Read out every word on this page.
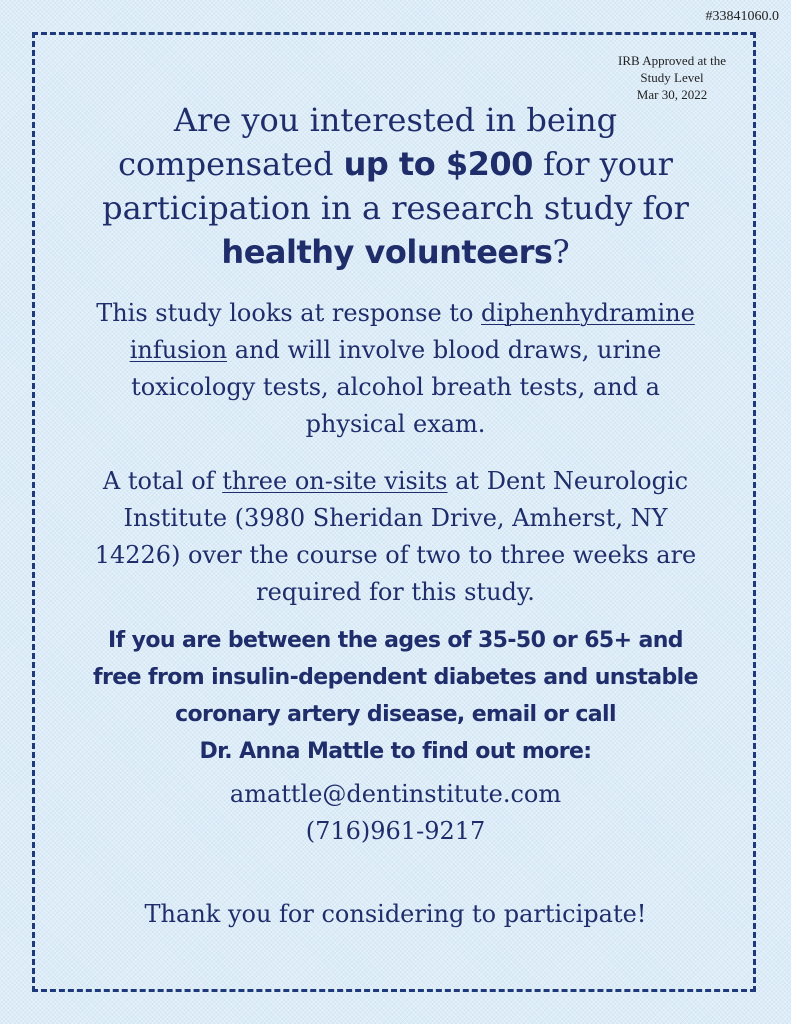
#33841060.0
IRB Approved at the
Study Level
Mar 30, 2022
Are you interested in being
compensated up to $200 for your
participation in a research study for
healthy volunteers?
This study looks at response to diphenhydramine
infusion and will involve blood draws, urine
toxicology tests, alcohol breath tests, and a
physical exam.
A total of three on-site visits at Dent Neurologic
Institute (3980 Sheridan Drive, Amherst, NY
14226) over the course of two to three weeks are
required for this study.
If you are between the ages of 35-50 or 65+ and
free from insulin-dependent diabetes and unstable
coronary artery disease, email or call
Dr. Anna Mattle to find out more:
amattle@dentinstitute.com
(716)961-9217
Thank you for considering to participate!
